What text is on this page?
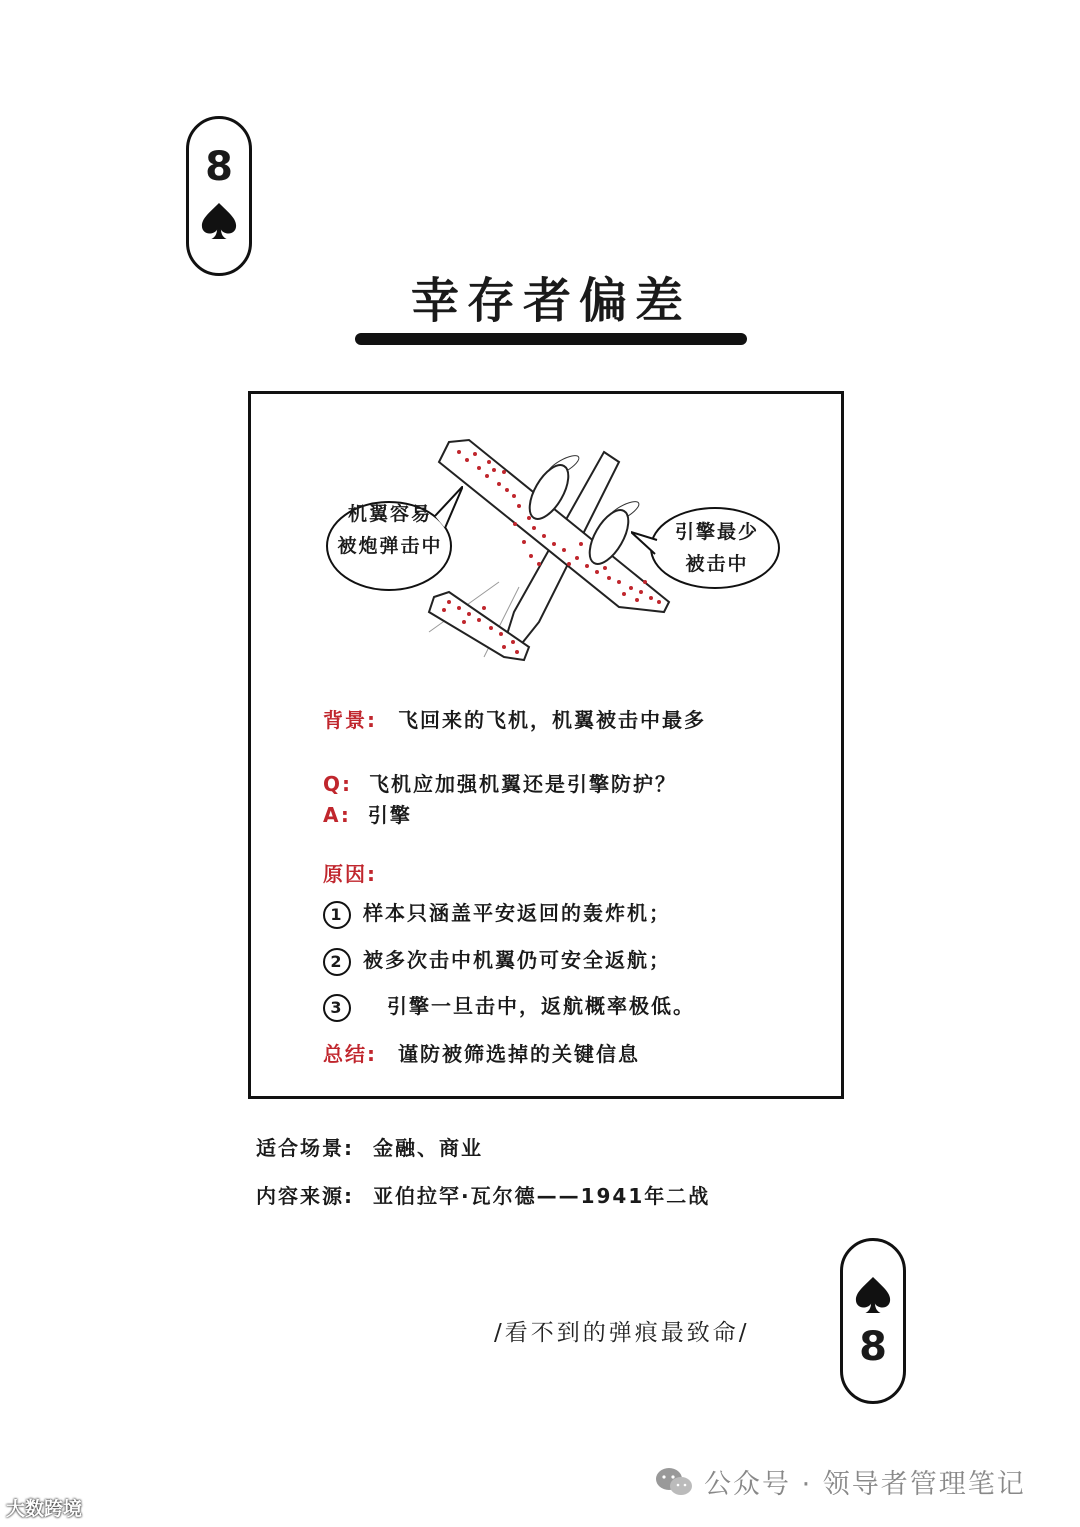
8
幸存者偏差
机翼容易
被炮弹击中
引擎最少
被击中
背景: 飞回来的飞机，机翼被击中最多
Q: 飞机应加强机翼还是引擎防护？
A: 引擎
原因:
1 样本只涵盖平安返回的轰炸机；
2 被多次击中机翼仍可安全返航；
3 引擎一旦击中，返航概率极低。
总结: 谨防被筛选掉的关键信息
适合场景: 金融、商业
内容来源: 亚伯拉罕·瓦尔德——1941年二战
/看不到的弹痕最致命/	8
公众号 · 领导者管理笔记
大数跨境
